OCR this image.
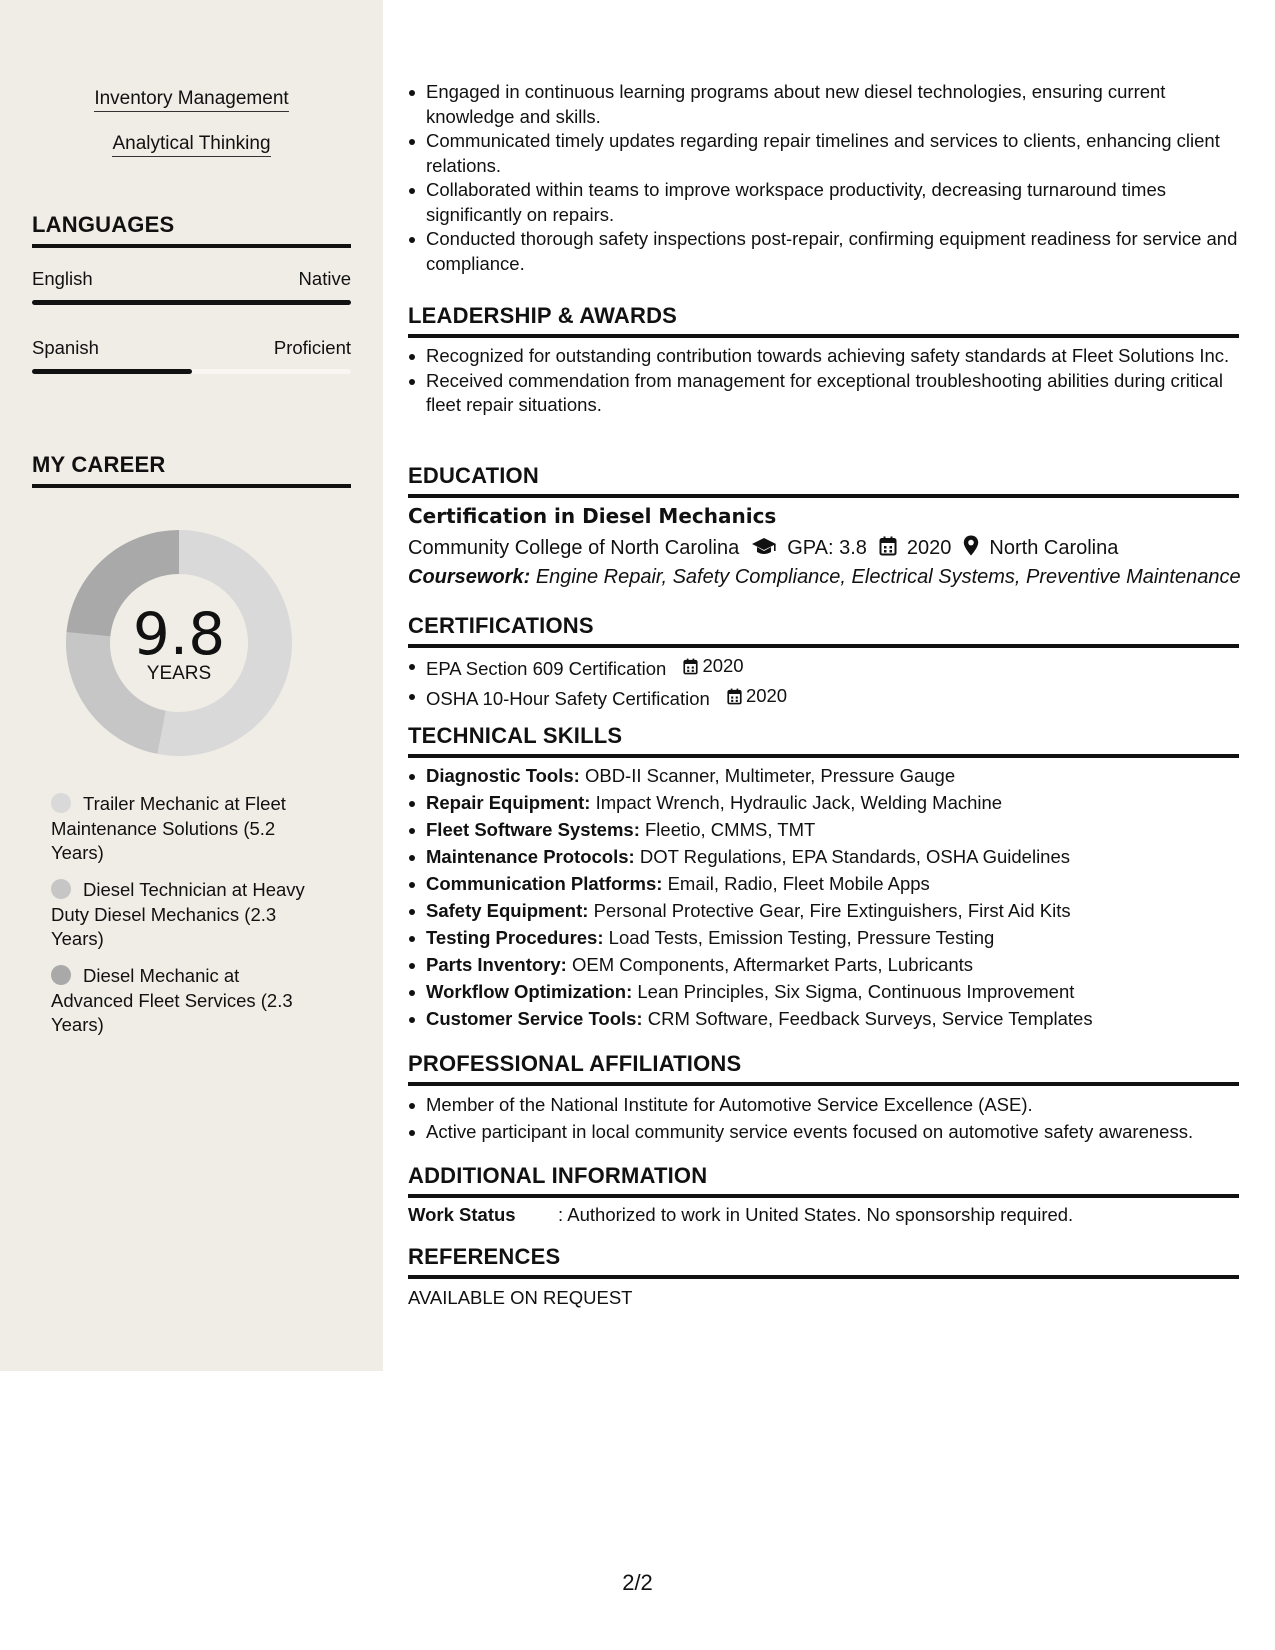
Inventory Management
Analytical Thinking
LANGUAGES
English	Native
Spanish	Proficient
MY CAREER
9.8
YEARS
Trailer Mechanic at Fleet Maintenance Solutions (5.2 Years)
Diesel Technician at Heavy Duty Diesel Mechanics (2.3 Years)
Diesel Mechanic at Advanced Fleet Services (2.3 Years)
Engaged in continuous learning programs about new diesel technologies, ensuring current knowledge and skills.
Communicated timely updates regarding repair timelines and services to clients, enhancing client relations.
Collaborated within teams to improve workspace productivity, decreasing turnaround times significantly on repairs.
Conducted thorough safety inspections post-repair, confirming equipment readiness for service and compliance.
LEADERSHIP & AWARDS
Recognized for outstanding contribution towards achieving safety standards at Fleet Solutions Inc.
Received commendation from management for exceptional troubleshooting abilities during critical fleet repair situations.
EDUCATION
Certification in Diesel Mechanics
Community College of North Carolina GPA: 3.8 2020 North Carolina
Coursework: Engine Repair, Safety Compliance, Electrical Systems, Preventive Maintenance
CERTIFICATIONS
EPA Section 609 Certification 2020
OSHA 10-Hour Safety Certification 2020
TECHNICAL SKILLS
Diagnostic Tools: OBD-II Scanner, Multimeter, Pressure Gauge
Repair Equipment: Impact Wrench, Hydraulic Jack, Welding Machine
Fleet Software Systems: Fleetio, CMMS, TMT
Maintenance Protocols: DOT Regulations, EPA Standards, OSHA Guidelines
Communication Platforms: Email, Radio, Fleet Mobile Apps
Safety Equipment: Personal Protective Gear, Fire Extinguishers, First Aid Kits
Testing Procedures: Load Tests, Emission Testing, Pressure Testing
Parts Inventory: OEM Components, Aftermarket Parts, Lubricants
Workflow Optimization: Lean Principles, Six Sigma, Continuous Improvement
Customer Service Tools: CRM Software, Feedback Surveys, Service Templates
PROFESSIONAL AFFILIATIONS
Member of the National Institute for Automotive Service Excellence (ASE).
Active participant in local community service events focused on automotive safety awareness.
ADDITIONAL INFORMATION
Work Status : Authorized to work in United States. No sponsorship required.
REFERENCES
AVAILABLE ON REQUEST
2/2
